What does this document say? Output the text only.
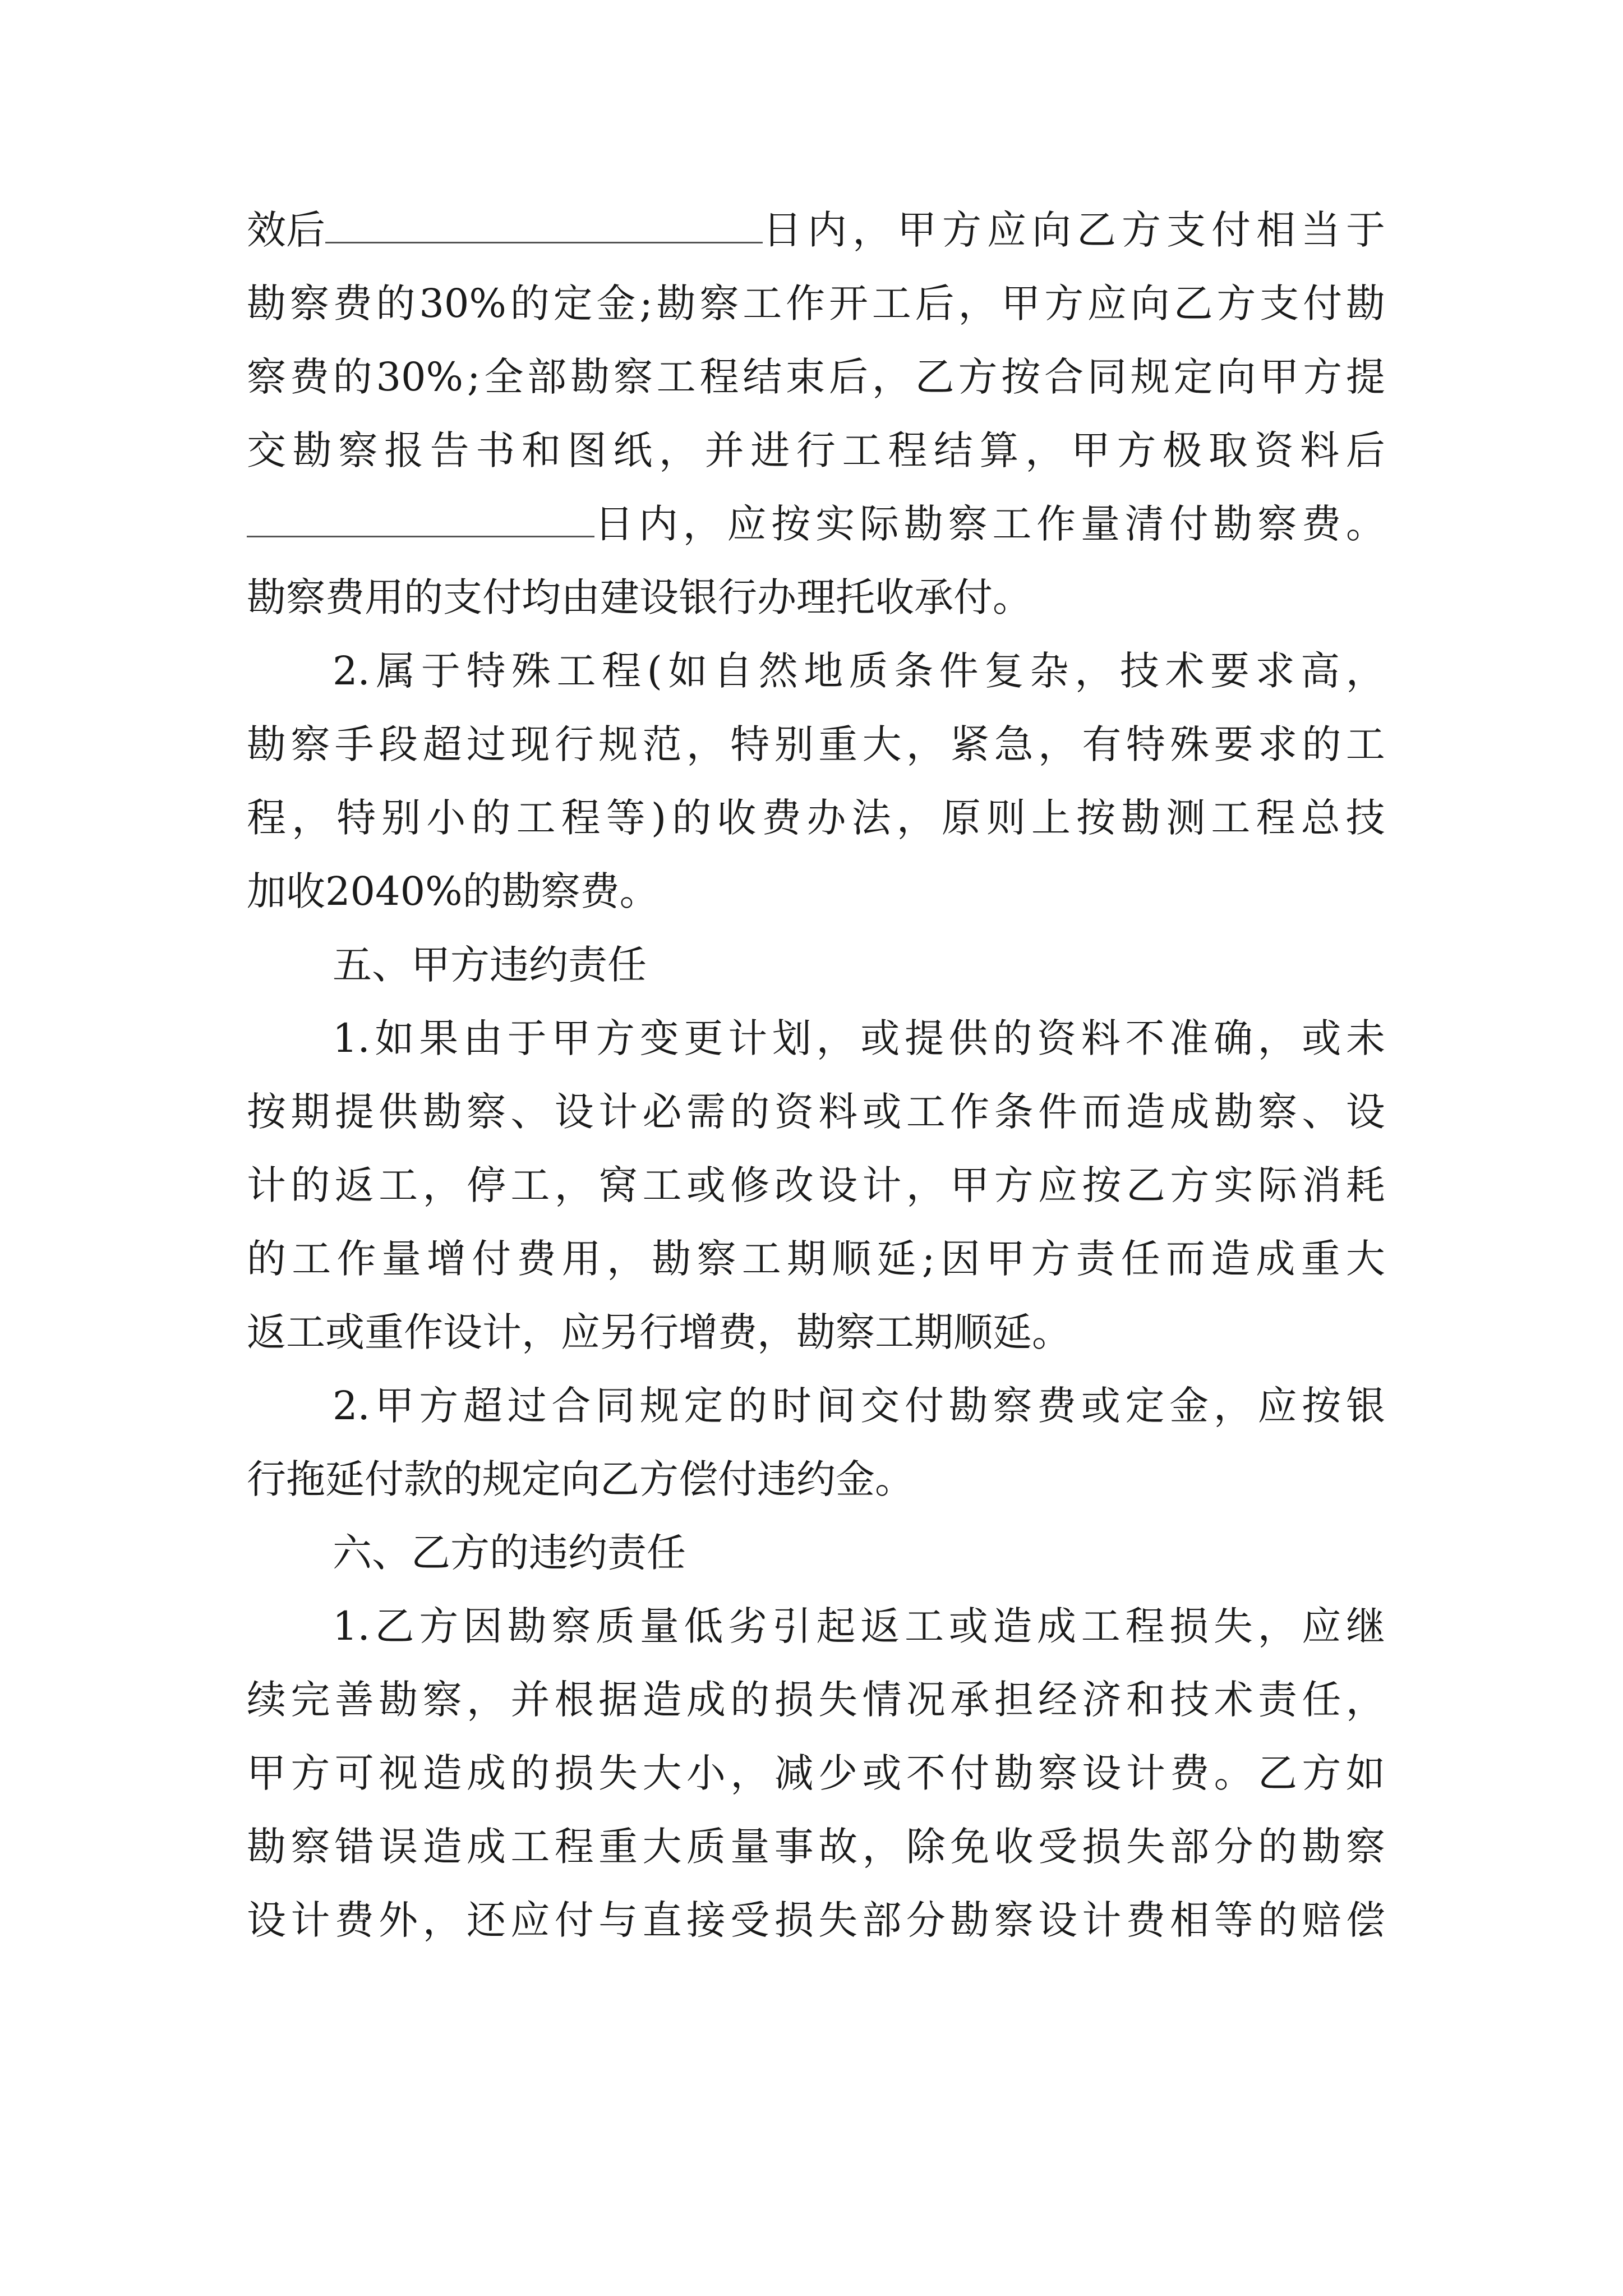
效后	日 内 ， 甲 方 应 向 乙 方 支 付 相 当 于
勘 察 费 的 30% 的 定 金 ; 勘 察 工 作 开 工 后 ， 甲 方 应 向 乙 方 支 付 勘
察 费 的 30% ; 全 部 勘 察 工 程 结 束 后 ， 乙 方 按 合 同 规 定 向 甲 方 提
交 勘 察 报 告 书 和 图 纸 ， 并 进 行 工 程 结 算 ， 甲 方 极 取 资 料 后
日 内 ， 应 按 实 际 勘 察 工 作 量 清 付 勘 察 费 。
勘察费用的支付均由建设银行办理托收承付。
2. 属 于 特 殊 工 程 ( 如 自 然 地 质 条 件 复 杂 ， 技 术 要 求 高 ，
勘 察 手 段 超 过 现 行 规 范 ， 特 别 重 大 ， 紧 急 ， 有 特 殊 要 求 的 工
程 ， 特 别 小 的 工 程 等 ) 的 收 费 办 法 ， 原 则 上 按 勘 测 工 程 总 技
加收2040%的勘察费。
五、甲方违约责任
1. 如 果 由 于 甲 方 变 更 计 划 ， 或 提 供 的 资 料 不 准 确 ， 或 未
按 期 提 供 勘 察 、 设 计 必 需 的 资 料 或 工 作 条 件 而 造 成 勘 察 、 设
计 的 返 工 ， 停 工 ， 窝 工 或 修 改 设 计 ， 甲 方 应 按 乙 方 实 际 消 耗
的 工 作 量 增 付 费 用 ， 勘 察 工 期 顺 延 ; 因 甲 方 责 任 而 造 成 重 大
返工或重作设计，应另行增费，勘察工期顺延。
2. 甲 方 超 过 合 同 规 定 的 时 间 交 付 勘 察 费 或 定 金 ， 应 按 银
行拖延付款的规定向乙方偿付违约金。
六、乙方的违约责任
1. 乙 方 因 勘 察 质 量 低 劣 引 起 返 工 或 造 成 工 程 损 失 ， 应 继
续 完 善 勘 察 ， 并 根 据 造 成 的 损 失 情 况 承 担 经 济 和 技 术 责 任 ，
甲 方 可 视 造 成 的 损 失 大 小 ， 减 少 或 不 付 勘 察 设 计 费 。 乙 方 如
勘 察 错 误 造 成 工 程 重 大 质 量 事 故 ， 除 免 收 受 损 失 部 分 的 勘 察
设 计 费 外 ， 还 应 付 与 直 接 受 损 失 部 分 勘 察 设 计 费 相 等 的 赔 偿
